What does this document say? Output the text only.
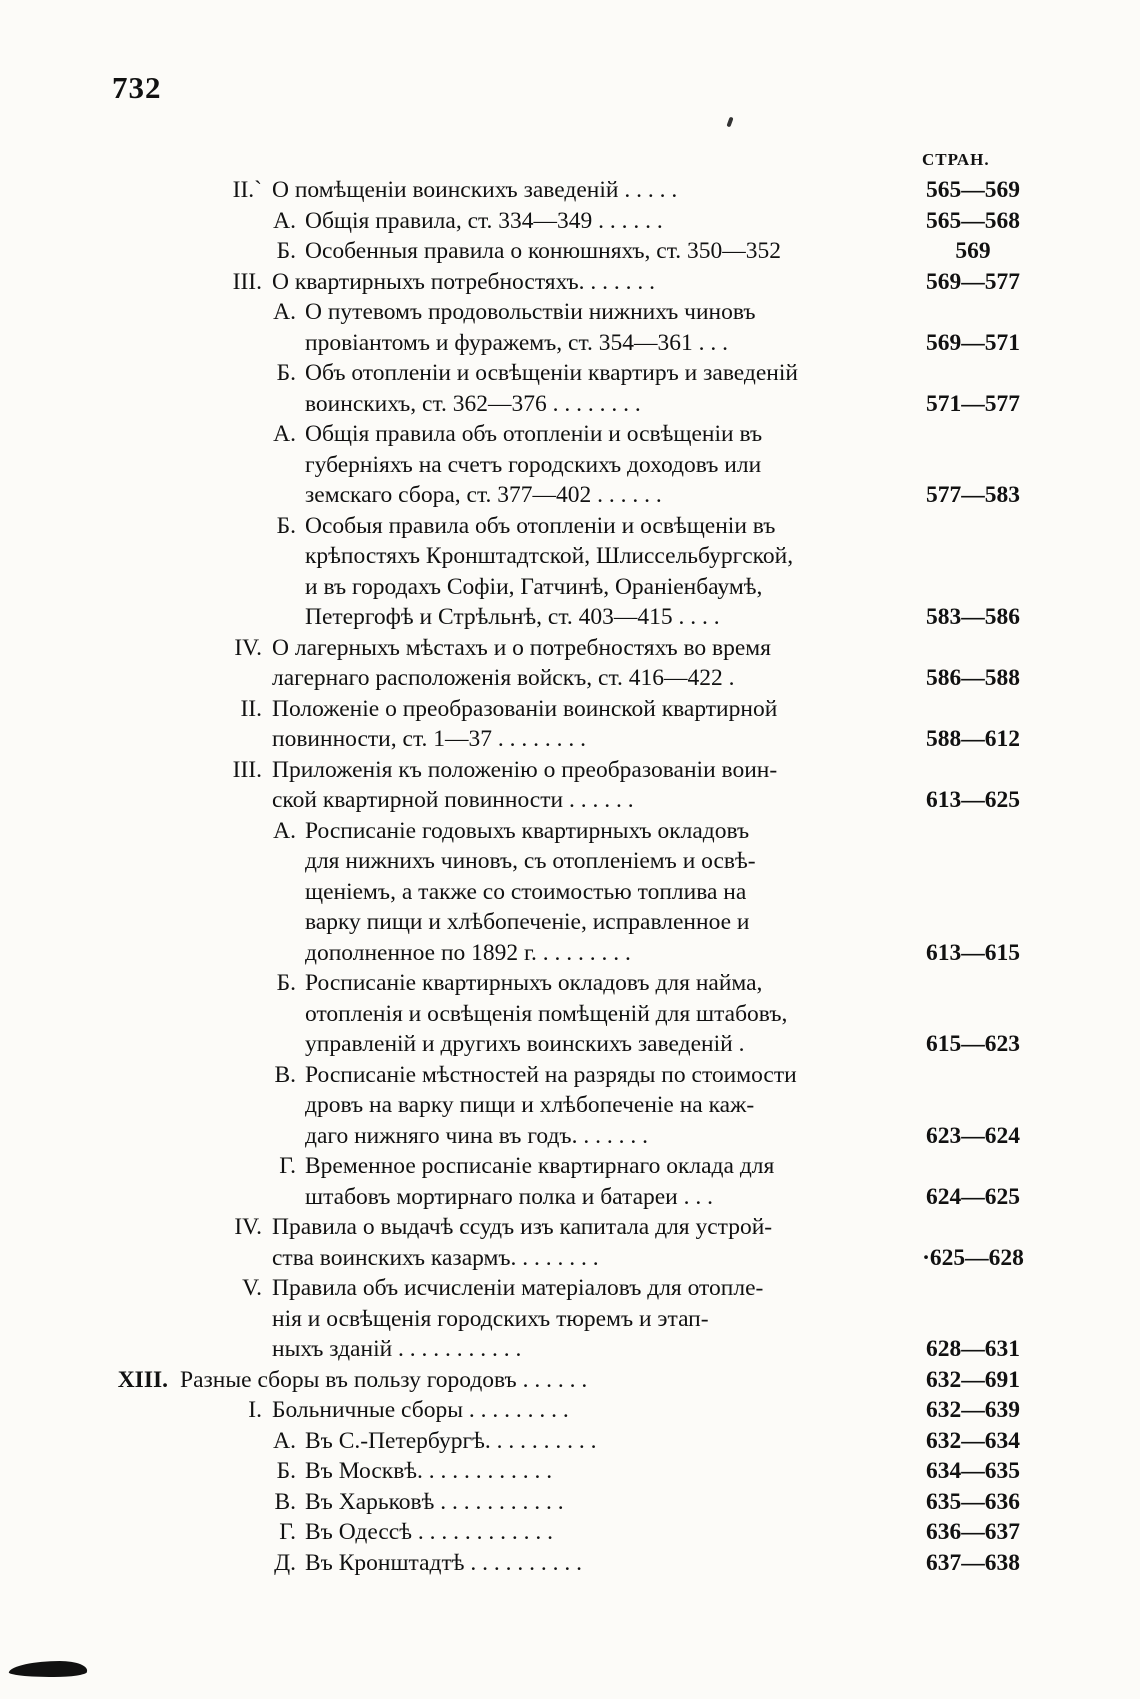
732
СТРАН.
II.` О помѣщеніи воинскихъ заведеній . . . . .	565—569
А. Общія правила, ст. 334—349 . . . . . .	565—568
Б. Особенныя правила о конюшняхъ, ст. 350—352	569
III. О квартирныхъ потребностяхъ. . . . . . .	569—577
А. О путевомъ продовольствіи нижнихъ чиновъ
провіантомъ и фуражемъ, ст. 354—361 . . .	569—571
Б. Объ отопленіи и освѣщеніи квартиръ и заведеній
воинскихъ, ст. 362—376 . . . . . . . .	571—577
А. Общія правила объ отопленіи и освѣщеніи въ
губерніяхъ на счетъ городскихъ доходовъ или
земскаго сбора, ст. 377—402 . . . . . .	577—583
Б. Особыя правила объ отопленіи и освѣщеніи въ
крѣпостяхъ Кронштадтской, Шлиссельбургской,
и въ городахъ Софіи, Гатчинѣ, Ораніенбаумѣ,
Петергофѣ и Стрѣльнѣ, ст. 403—415 . . . .	583—586
IV. О лагерныхъ мѣстахъ и о потребностяхъ во время
лагернаго расположенія войскъ, ст. 416—422 .	586—588
II. Положеніе о преобразованіи воинской квартирной
повинности, ст. 1—37 . . . . . . . .	588—612
III. Приложенія къ положенію о преобразованіи воин-
ской квартирной повинности . . . . . .	613—625
А. Росписаніе годовыхъ квартирныхъ окладовъ
для нижнихъ чиновъ, съ отопленіемъ и освѣ-
щеніемъ, а также со стоимостью топлива на
варку пищи и хлѣбопеченіе, исправленное и
дополненное по 1892 г. . . . . . . . .	613—615
Б. Росписаніе квартирныхъ окладовъ для найма,
отопленія и освѣщенія помѣщеній для штабовъ,
управленій и другихъ воинскихъ заведеній .	615—623
В. Росписаніе мѣстностей на разряды по стоимости
дровъ на варку пищи и хлѣбопеченіе на каж-
даго нижняго чина въ годъ. . . . . . .	623—624
Г. Временное росписаніе квартирнаго оклада для
штабовъ мортирнаго полка и батареи . . .	624—625
IV. Правила о выдачѣ ссудъ изъ капитала для устрой-
ства воинскихъ казармъ. . . . . . . .	·625—628
V. Правила объ исчисленіи матеріаловъ для отопле-
нія и освѣщенія городскихъ тюремъ и этап-
ныхъ зданій . . . . . . . . . . .	628—631
XIII. Разные сборы въ пользу городовъ . . . . . .	632—691
I. Больничные сборы . . . . . . . . .	632—639
А. Въ С.-Петербургѣ. . . . . . . . . .	632—634
Б. Въ Москвѣ. . . . . . . . . . . .	634—635
В. Въ Харьковѣ . . . . . . . . . . .	635—636
Г. Въ Одессѣ . . . . . . . . . . . .	636—637
Д. Въ Кронштадтѣ . . . . . . . . . .	637—638
